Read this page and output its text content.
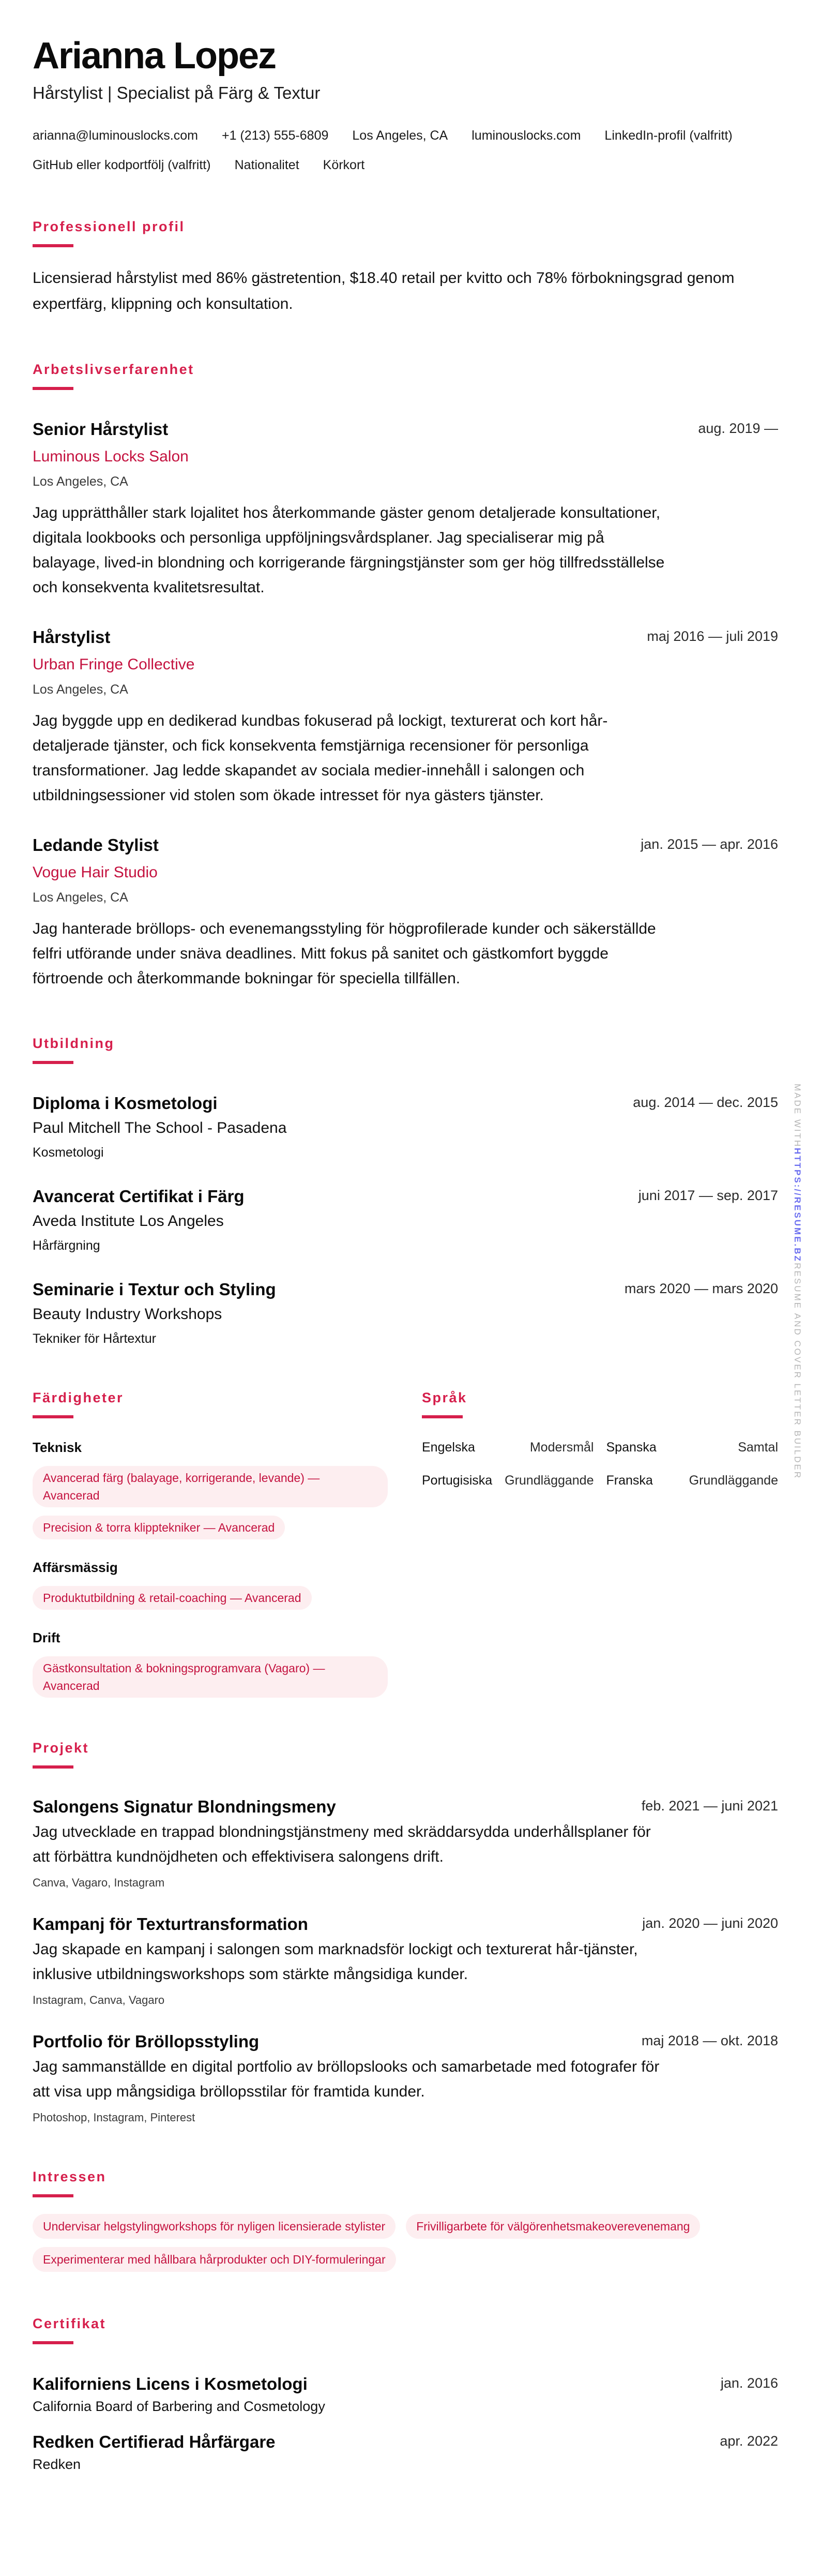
Arianna Lopez
Hårstylist | Specialist på Färg & Textur
arianna@luminouslocks.com +1 (213) 555-6809 Los Angeles, CA luminouslocks.com LinkedIn-profil (valfritt)
GitHub eller kodportfölj (valfritt) Nationalitet Körkort
Professionell profil
Licensierad hårstylist med 86% gästretention, $18.40 retail per kvitto och 78% förbokningsgrad genom expertfärg, klippning och konsultation.
Arbetslivserfarenhet
Senior Hårstylist	aug. 2019 —
Luminous Locks Salon
Los Angeles, CA
Jag upprätthåller stark lojalitet hos återkommande gäster genom detaljerade konsultationer, digitala lookbooks och personliga uppföljningsvårdsplaner. Jag specialiserar mig på balayage, lived-in blondning och korrigerande färgningstjänster som ger hög tillfredsställelse och konsekventa kvalitetsresultat.
Hårstylist	maj 2016 — juli 2019
Urban Fringe Collective
Los Angeles, CA
Jag byggde upp en dedikerad kundbas fokuserad på lockigt, texturerat och kort hår-detaljerade tjänster, och fick konsekventa femstjärniga recensioner för personliga transformationer. Jag ledde skapandet av sociala medier-innehåll i salongen och utbildningsessioner vid stolen som ökade intresset för nya gästers tjänster.
Ledande Stylist	jan. 2015 — apr. 2016
Vogue Hair Studio
Los Angeles, CA
Jag hanterade bröllops- och evenemangsstyling för högprofilerade kunder och säkerställde felfri utförande under snäva deadlines. Mitt fokus på sanitet och gästkomfort byggde förtroende och återkommande bokningar för speciella tillfällen.
Utbildning
Diploma i Kosmetologi	aug. 2014 — dec. 2015
Paul Mitchell The School - Pasadena
Kosmetologi
Avancerat Certifikat i Färg	juni 2017 — sep. 2017
Aveda Institute Los Angeles
Hårfärgning
Seminarie i Textur och Styling	mars 2020 — mars 2020
Beauty Industry Workshops
Tekniker för Hårtextur
Färdigheter
Teknisk
Avancerad färg (balayage, korrigerande, levande) — Avancerad
Precision & torra klipptekniker — Avancerad
Affärsmässig
Produktutbildning & retail-coaching — Avancerad
Drift
Gästkonsultation & bokningsprogramvara (Vagaro) — Avancerad
Språk
Engelska	Modersmål Spanska	Samtal
Portugisiska Grundläggande Franska	Grundläggande
Projekt
Salongens Signatur Blondningsmeny	feb. 2021 — juni 2021
Jag utvecklade en trappad blondningstjänstmeny med skräddarsydda underhållsplaner för att förbättra kundnöjdheten och effektivisera salongens drift.
Canva, Vagaro, Instagram
Kampanj för Texturtransformation	jan. 2020 — juni 2020
Jag skapade en kampanj i salongen som marknadsför lockigt och texturerat hår-tjänster, inklusive utbildningsworkshops som stärkte mångsidiga kunder.
Instagram, Canva, Vagaro
Portfolio för Bröllopsstyling	maj 2018 — okt. 2018
Jag sammanställde en digital portfolio av bröllopslooks och samarbetade med fotografer för att visa upp mångsidiga bröllopsstilar för framtida kunder.
Photoshop, Instagram, Pinterest
Intressen
Undervisar helgstylingworkshops för nyligen licensierade stylister	Frivilligarbete för välgörenhetsmakeoverevenemang
Experimenterar med hållbara hårprodukter och DIY-formuleringar
Certifikat
Kaliforniens Licens i Kosmetologi	jan. 2016
California Board of Barbering and Cosmetology
Redken Certifierad Hårfärgare	apr. 2022
Redken
MADE WITHHTTPS://RESUME.BZRESUME AND COVER LETTER BUILDER
